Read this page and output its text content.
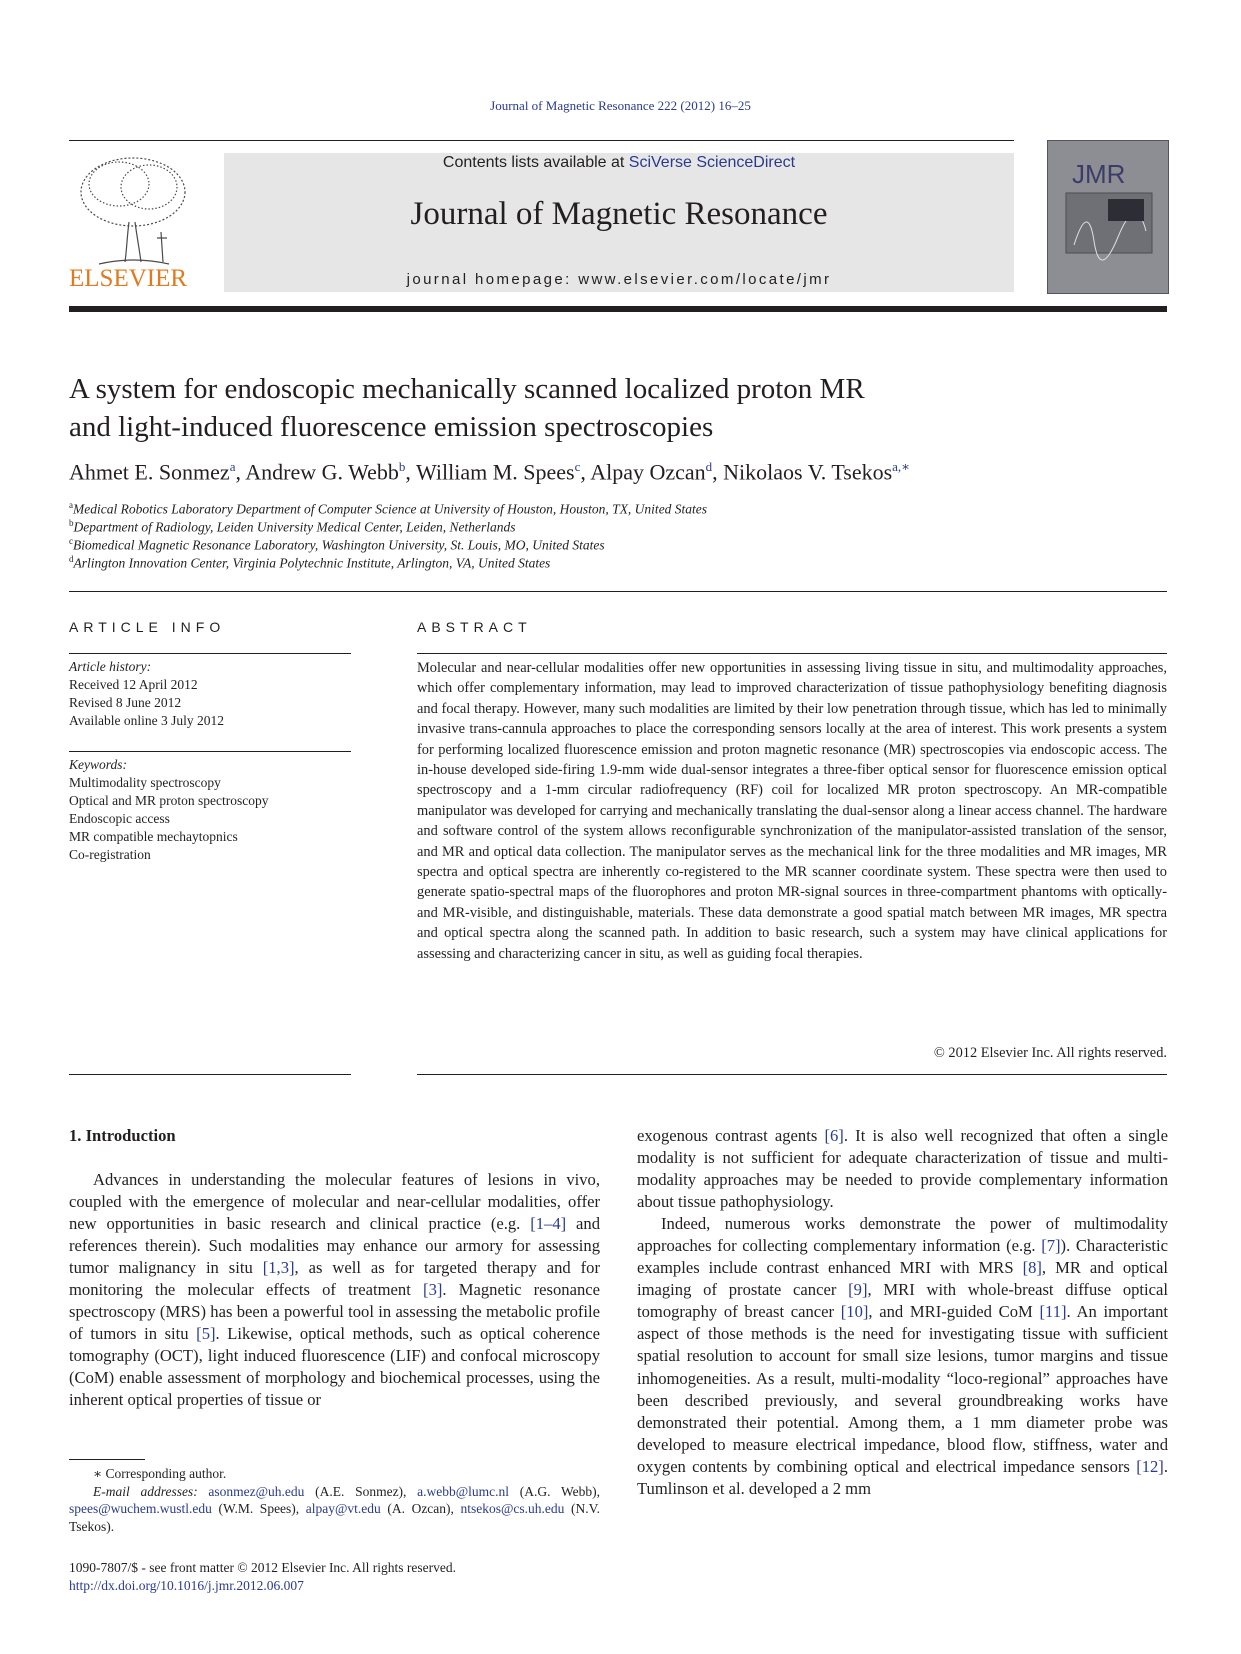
Journal of Magnetic Resonance 222 (2012) 16–25
ELSEVIER
Contents lists available at SciVerse ScienceDirect
Journal of Magnetic Resonance
journal homepage: www.elsevier.com/locate/jmr
JMR
A system for endoscopic mechanically scanned localized proton MR
and light-induced fluorescence emission spectroscopies
Ahmet E. Sonmez$^a$, Andrew G. Webb$^b$, William M. Spees$^c$, Alpay Ozcan$^d$, Nikolaos V. Tsekos$^{a,∗}$
$^a$Medical Robotics Laboratory Department of Computer Science at University of Houston, Houston, TX, United States
$^b$Department of Radiology, Leiden University Medical Center, Leiden, Netherlands
$^c$Biomedical Magnetic Resonance Laboratory, Washington University, St. Louis, MO, United States
$^d$Arlington Innovation Center, Virginia Polytechnic Institute, Arlington, VA, United States
ARTICLE INFO
Article history:
Received 12 April 2012
Revised 8 June 2012
Available online 3 July 2012
Keywords:
Multimodality spectroscopy
Optical and MR proton spectroscopy
Endoscopic access
MR compatible mechaytopnics
Co-registration
ABSTRACT
Molecular and near-cellular modalities offer new opportunities in assessing living tissue in situ, and multimodality approaches, which offer complementary information, may lead to improved characterization of tissue pathophysiology benefiting diagnosis and focal therapy. However, many such modalities are limited by their low penetration through tissue, which has led to minimally invasive trans-cannula approaches to place the corresponding sensors locally at the area of interest. This work presents a system for performing localized fluorescence emission and proton magnetic resonance (MR) spectroscopies via endoscopic access. The in-house developed side-firing 1.9-mm wide dual-sensor integrates a three-fiber optical sensor for fluorescence emission optical spectroscopy and a 1-mm circular radiofrequency (RF) coil for localized MR proton spectroscopy. An MR-compatible manipulator was developed for carrying and mechanically translating the dual-sensor along a linear access channel. The hardware and software control of the system allows reconfigurable synchronization of the manipulator-assisted translation of the sensor, and MR and optical data collection. The manipulator serves as the mechanical link for the three modalities and MR images, MR spectra and optical spectra are inherently co-registered to the MR scanner coordinate system. These spectra were then used to generate spatio-spectral maps of the fluorophores and proton MR-signal sources in three-compartment phantoms with optically- and MR-visible, and distinguishable, materials. These data demonstrate a good spatial match between MR images, MR spectra and optical spectra along the scanned path. In addition to basic research, such a system may have clinical applications for assessing and characterizing cancer in situ, as well as guiding focal therapies.
© 2012 Elsevier Inc. All rights reserved.
1. Introduction

Advances in understanding the molecular features of lesions in vivo, coupled with the emergence of molecular and near-cellular modalities, offer new opportunities in basic research and clinical practice (e.g. [1–4] and references therein). Such modalities may enhance our armory for assessing tumor malignancy in situ [1,3], as well as for targeted therapy and for monitoring the molecular effects of treatment [3]. Magnetic resonance spectroscopy (MRS) has been a powerful tool in assessing the metabolic profile of tumors in situ [5]. Likewise, optical methods, such as optical coherence tomography (OCT), light induced fluorescence (LIF) and confocal microscopy (CoM) enable assessment of morphology and biochemical processes, using the inherent optical properties of tissue or

exogenous contrast agents [6]. It is also well recognized that often a single modality is not sufficient for adequate characterization of tissue and multi-modality approaches may be needed to provide complementary information about tissue pathophysiology.

Indeed, numerous works demonstrate the power of multimodality approaches for collecting complementary information (e.g. [7]). Characteristic examples include contrast enhanced MRI with MRS [8], MR and optical imaging of prostate cancer [9], MRI with whole-breast diffuse optical tomography of breast cancer [10], and MRI-guided CoM [11]. An important aspect of those methods is the need for investigating tissue with sufficient spatial resolution to account for small size lesions, tumor margins and tissue inhomogeneities. As a result, multi-modality “loco-regional” approaches have been described previously, and several groundbreaking works have demonstrated their potential. Among them, a 1 mm diameter probe was developed to measure electrical impedance, blood flow, stiffness, water and oxygen contents by combining optical and electrical impedance sensors [12]. Tumlinson et al. developed a 2 mm

∗ Corresponding author.
E-mail addresses: asonmez@uh.edu (A.E. Sonmez), a.webb@lumc.nl (A.G. Webb), spees@wuchem.wustl.edu (W.M. Spees), alpay@vt.edu (A. Ozcan), ntsekos@cs.uh.edu (N.V. Tsekos).
1090-7807/$ - see front matter © 2012 Elsevier Inc. All rights reserved.
http://dx.doi.org/10.1016/j.jmr.2012.06.007
